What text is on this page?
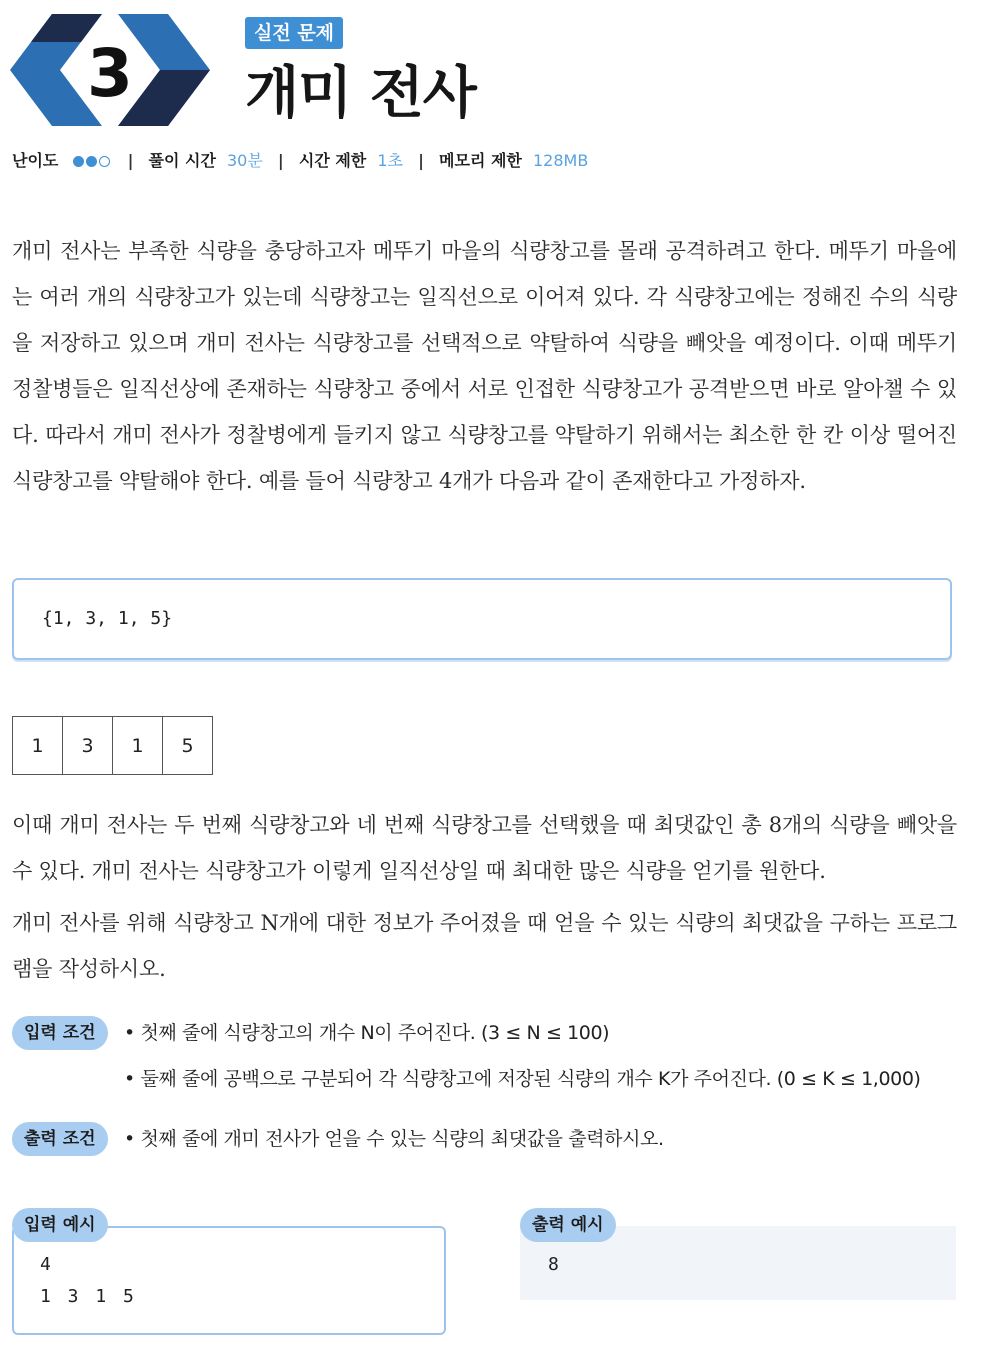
3
실전 문제
개미 전사
난이도	| 풀이 시간 30분 | 시간 제한 1초 | 메모리 제한 128MB
개미 전사는 부족한 식량을 충당하고자 메뚜기 마을의 식량창고를 몰래 공격하려고 한다. 메뚜기 마을에는 여러 개의 식량창고가 있는데 식량창고는 일직선으로 이어져 있다. 각 식량창고에는 정해진 수의 식량을 저장하고 있으며 개미 전사는 식량창고를 선택적으로 약탈하여 식량을 빼앗을 예정이다. 이때 메뚜기 정찰병들은 일직선상에 존재하는 식량창고 중에서 서로 인접한 식량창고가 공격받으면 바로 알아챌 수 있다. 따라서 개미 전사가 정찰병에게 들키지 않고 식량창고를 약탈하기 위해서는 최소한 한 칸 이상 떨어진 식량창고를 약탈해야 한다. 예를 들어 식량창고 4개가 다음과 같이 존재한다고 가정하자.
{1, 3, 1, 5}
1	3	1	5
이때 개미 전사는 두 번째 식량창고와 네 번째 식량창고를 선택했을 때 최댓값인 총 8개의 식량을 빼앗을 수 있다. 개미 전사는 식량창고가 이렇게 일직선상일 때 최대한 많은 식량을 얻기를 원한다.
개미 전사를 위해 식량창고 N개에 대한 정보가 주어졌을 때 얻을 수 있는 식량의 최댓값을 구하는 프로그램을 작성하시오.
입력 조건	• 첫째 줄에 식량창고의 개수 N이 주어진다. (3 ≤ N ≤ 100)
• 둘째 줄에 공백으로 구분되어 각 식량창고에 저장된 식량의 개수 K가 주어진다. (0 ≤ K ≤ 1,000)
출력 조건	• 첫째 줄에 개미 전사가 얻을 수 있는 식량의 최댓값을 출력하시오.
입력 예시
4
1 3 1 5
출력 예시
8
